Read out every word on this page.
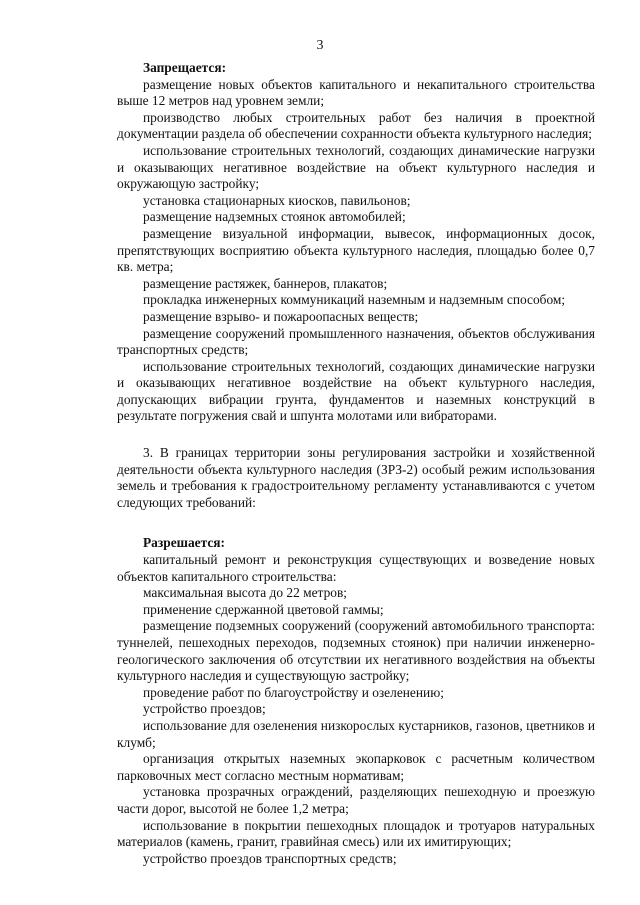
3

Запрещается:

размещение новых объектов капитального и некапитального строительства выше 12 метров над уровнем земли;

производство любых строительных работ без наличия в проектной документации раздела об обеспечении сохранности объекта культурного наследия;

использование строительных технологий, создающих динамические нагрузки и оказывающих негативное воздействие на объект культурного наследия и окружающую застройку;

установка стационарных киосков, павильонов;

размещение надземных стоянок автомобилей;

размещение визуальной информации, вывесок, информационных досок, препятствующих восприятию объекта культурного наследия, площадью более 0,7 кв. метра;

размещение растяжек, баннеров, плакатов;

прокладка инженерных коммуникаций наземным и надземным способом;

размещение взрыво- и пожароопасных веществ;

размещение сооружений промышленного назначения, объектов обслуживания транспортных средств;

использование строительных технологий, создающих динамические нагрузки и оказывающих негативное воздействие на объект культурного наследия, допускающих вибрации грунта, фундаментов и наземных конструкций в результате погружения свай и шпунта молотами или вибраторами.

3. В границах территории зоны регулирования застройки и хозяйственной деятельности объекта культурного наследия (ЗРЗ-2) особый режим использования земель и требования к градостроительному регламенту устанавливаются с учетом следующих требований:

Разрешается:

капитальный ремонт и реконструкция существующих и возведение новых объектов капитального строительства:

максимальная высота до 22 метров;

применение сдержанной цветовой гаммы;

размещение подземных сооружений (сооружений автомобильного транспорта: туннелей, пешеходных переходов, подземных стоянок) при наличии инженерно-геологического заключения об отсутствии их негативного воздействия на объекты культурного наследия и существующую застройку;

проведение работ по благоустройству и озеленению;

устройство проездов;

использование для озеленения низкорослых кустарников, газонов, цветников и клумб;

организация открытых наземных экопарковок с расчетным количеством парковочных мест согласно местным нормативам;

установка прозрачных ограждений, разделяющих пешеходную и проезжую части дорог, высотой не более 1,2 метра;

использование в покрытии пешеходных площадок и тротуаров натуральных материалов (камень, гранит, гравийная смесь) или их имитирующих;

устройство проездов транспортных средств;
